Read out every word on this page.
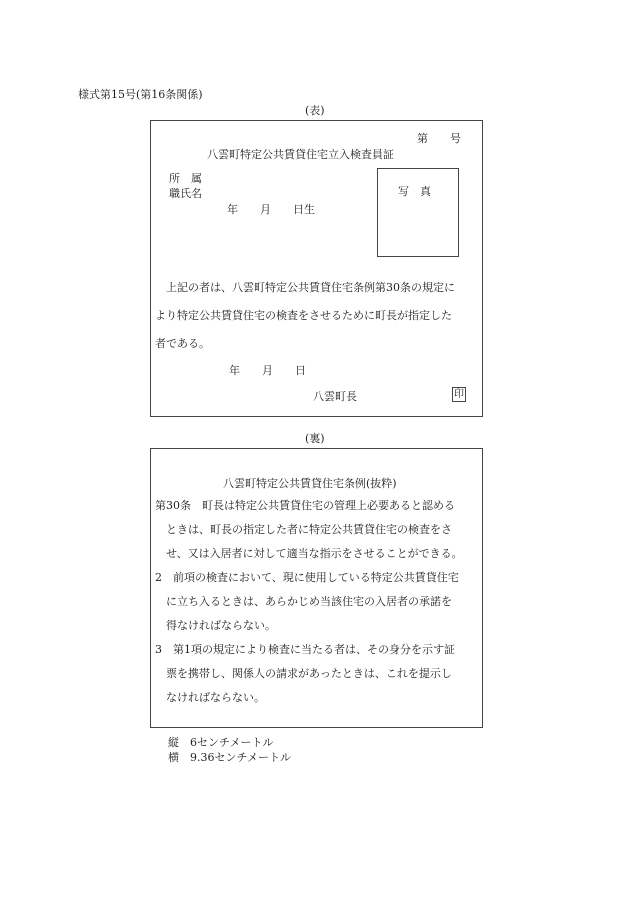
様式第15号(第16条関係)
(表)
第　　号
八雲町特定公共賃貸住宅立入検査員証
所　属
職氏名
年　　月　　日生
写　真
　上記の者は、八雲町特定公共賃貸住宅条例第30条の規定に
より特定公共賃貸住宅の検査をさせるために町長が指定した
者である。
年　　月　　日
八雲町長	印
(裏)
八雲町特定公共賃貸住宅条例(抜粋)
第30条　町長は特定公共賃貸住宅の管理上必要あると認める
　ときは、町長の指定した者に特定公共賃貸住宅の検査をさ
　せ、又は入居者に対して適当な指示をさせることができる。
2　前項の検査において、現に使用している特定公共賃貸住宅
　に立ち入るときは、あらかじめ当該住宅の入居者の承諾を
　得なければならない。
3　第1項の規定により検査に当たる者は、その身分を示す証
　票を携帯し、関係人の請求があったときは、これを提示し
　なければならない。
縦　6センチメートル
横　9.36センチメートル
